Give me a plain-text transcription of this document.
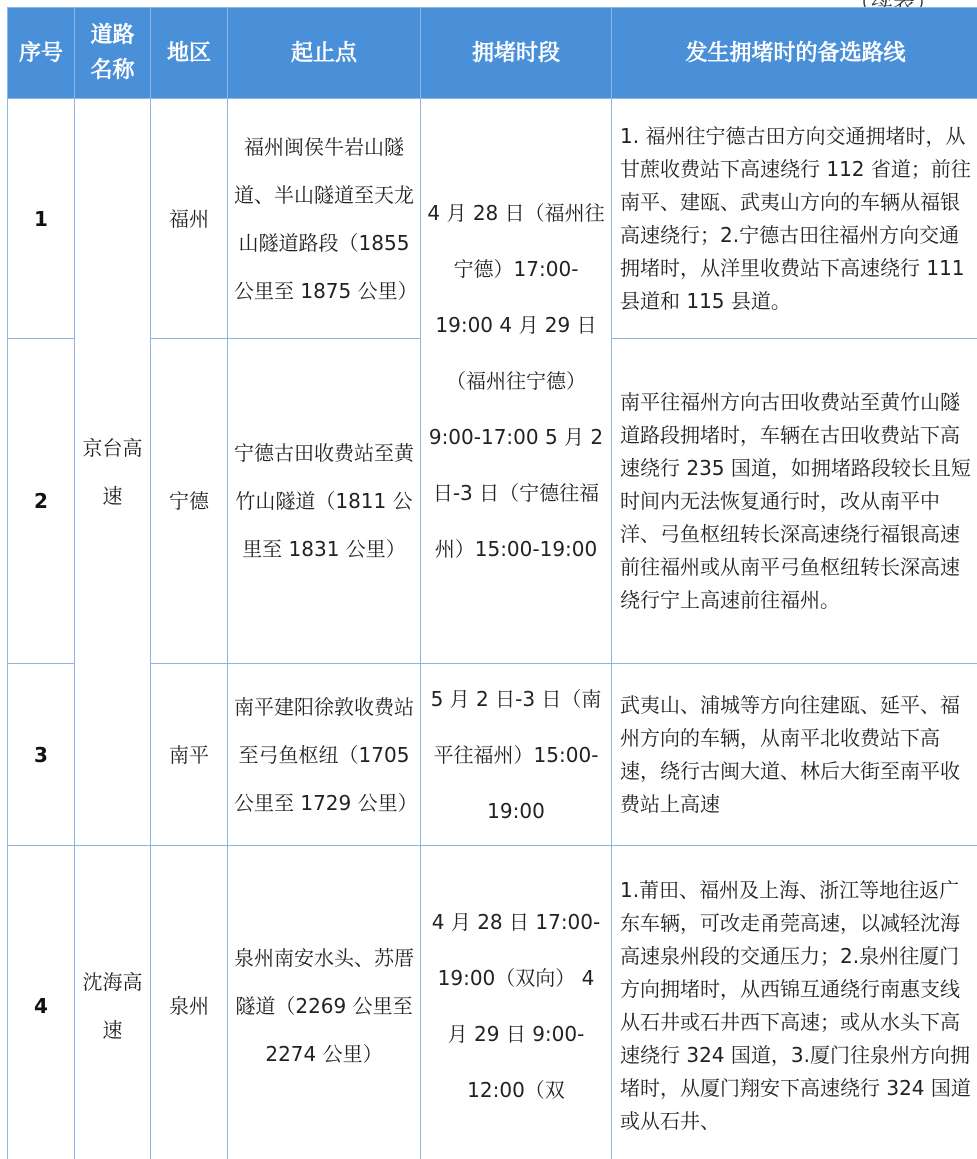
序号	道路名称	地区	起止点	拥堵时段	发生拥堵时的备选路线
1	京台高速	福州	福州闽侯牛岩山隧道、半山隧道至天龙山隧道路段（1855 公里至 1875 公里）	4 月 28 日（福州往宁德）17:00-19:00 4 月 29 日（福州往宁德）9:00-17:00 5 月 2 日-3 日（宁德往福州）15:00-19:00	1. 福州往宁德古田方向交通拥堵时，从甘蔗收费站下高速绕行 112 省道；前往南平、建瓯、武夷山方向的车辆从福银高速绕行；2.宁德古田往福州方向交通拥堵时，从洋里收费站下高速绕行 111 县道和 115 县道。
2		宁德	宁德古田收费站至黄竹山隧道（1811 公里至 1831 公里）		南平往福州方向古田收费站至黄竹山隧道路段拥堵时，车辆在古田收费站下高速绕行 235 国道，如拥堵路段较长且短时间内无法恢复通行时，改从南平中洋、弓鱼枢纽转长深高速绕行福银高速前往福州或从南平弓鱼枢纽转长深高速绕行宁上高速前往福州。
3		南平	南平建阳徐敦收费站至弓鱼枢纽（1705 公里至 1729 公里）	5 月 2 日-3 日（南平往福州）15:00-19:00	武夷山、浦城等方向往建瓯、延平、福州方向的车辆，从南平北收费站下高速，绕行古闽大道、林后大街至南平收费站上高速
4	沈海高速	泉州	泉州南安水头、苏厝隧道（2269 公里至 2274 公里）	4 月 28 日 17:00-19:00（双向） 4 月 29 日 9:00-12:00（双	1.莆田、福州及上海、浙江等地往返广东车辆，可改走甬莞高速，以减轻沈海高速泉州段的交通压力；2.泉州往厦门方向拥堵时，从西锦互通绕行南惠支线从石井或石井西下高速；或从水头下高速绕行 324 国道，3.厦门往泉州方向拥堵时，从厦门翔安下高速绕行 324 国道或从石井、
